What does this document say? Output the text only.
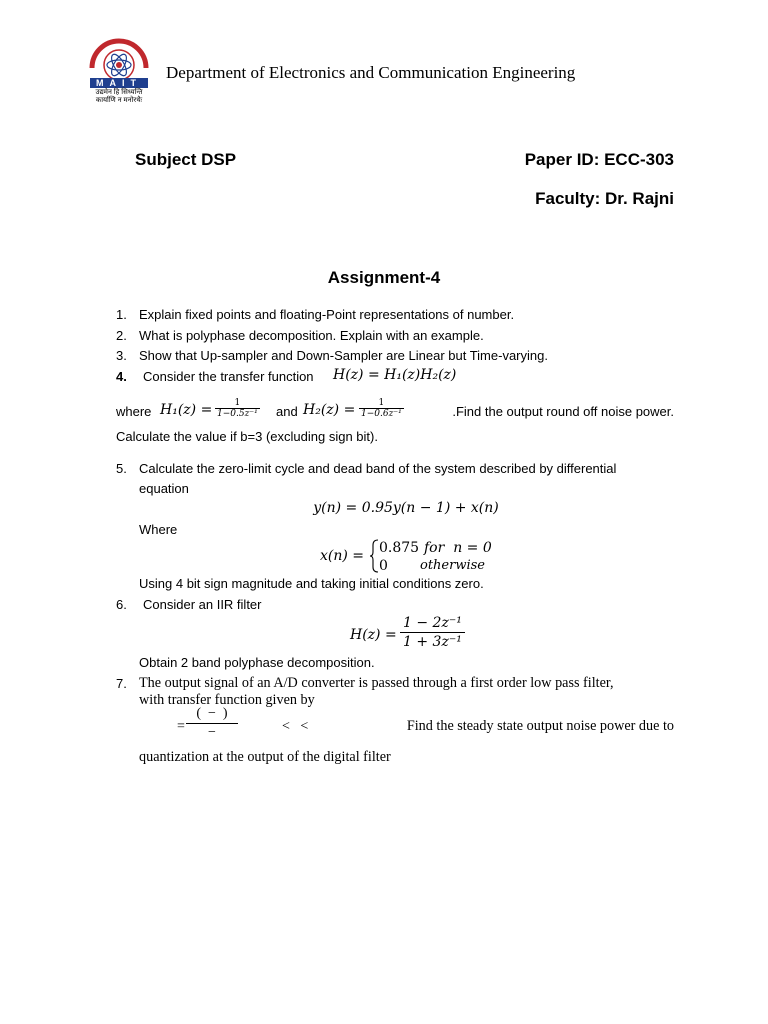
MAIT
उद्यमेन हि सिध्यन्ति
कार्याणि न मनोरथैः
Department of Electronics and Communication Engineering
Subject DSP	Paper ID: ECC-303
Faculty: Dr. Rajni
Assignment-4
1. Explain fixed points and floating-Point representations of number.
2. What is polyphase decomposition. Explain with an example.
3. Show that Up-sampler and Down-Sampler are Linear but Time-varying.
4. Consider the transfer function H(z) = H₁(z)H₂(z)
where $H_1(z) = \frac{1}{\text{1−0.5z⁻¹}}$ and $H_2(z) = \frac{1}{\text{1−0.6z⁻¹}}$	.Find the output round off noise power.
Calculate the value if b=3 (excluding sign bit).
5. Calculate the zero-limit cycle and dead band of the system described by differential
equation
y(n) = 0.95y(n − 1) + x(n)
Where
x(n) = 0.875 for  n = 0
0 otherwise
Using 4 bit sign magnitude and taking initial conditions zero.
6. Consider an IIR filter
$H(z) = \frac{\text{1 − 2z⁻¹}}{\text{1 + 3z⁻¹}}$
Obtain 2 band polyphase decomposition.
7. The output signal of an A/D converter is passed through a first order low pass filter,
with transfer function given by
=
(  −  )
−	<   <	Find the steady state output noise power due to
quantization at the output of the digital filter
